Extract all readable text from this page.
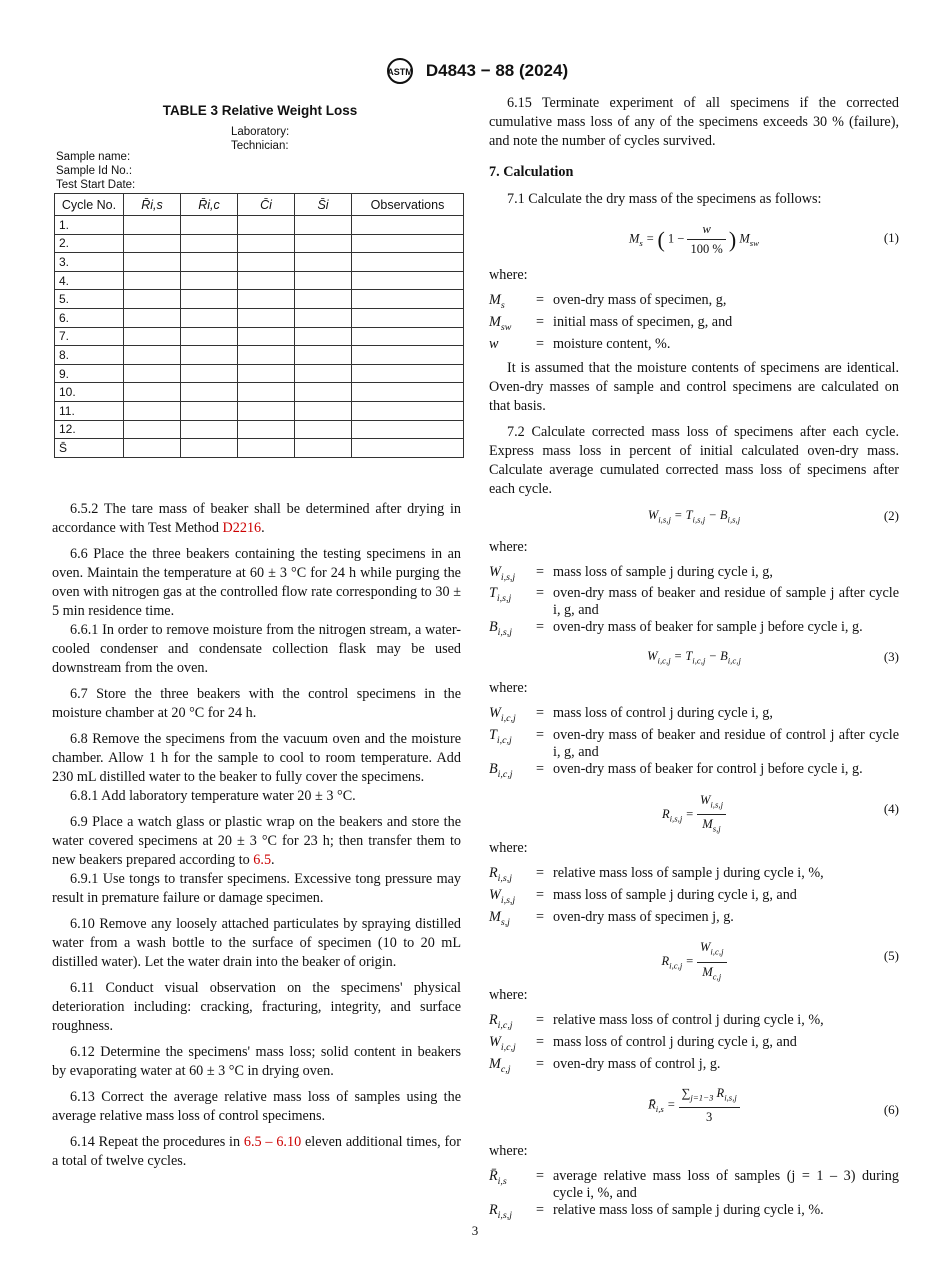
ASTM D4843 − 88 (2024)
TABLE 3 Relative Weight Loss
Laboratory:
Technician:
Sample name:
Sample Id No.:
Test Start Date:
Cycle No.	R̄i,s	R̄i,c	C̄i	S̄i	Observations
1.					
2.					
3.					
4.					
5.					
6.					
7.					
8.					
9.					
10.					
11.					
12.					
S̄					

6.5.2 The tare mass of beaker shall be determined after drying in accordance with Test Method D2216.

6.6 Place the three beakers containing the testing specimens in an oven. Maintain the temperature at 60 ± 3 °C for 24 h while purging the oven with nitrogen gas at the controlled flow rate corresponding to 30 ± 5 min residence time.

6.6.1 In order to remove moisture from the nitrogen stream, a water-cooled condenser and condensate collection flask may be used downstream from the oven.

6.7 Store the three beakers with the control specimens in the moisture chamber at 20 °C for 24 h.

6.8 Remove the specimens from the vacuum oven and the moisture chamber. Allow 1 h for the sample to cool to room temperature. Add 230 mL distilled water to the beaker to fully cover the specimens.

6.8.1 Add laboratory temperature water 20 ± 3 °C.

6.9 Place a watch glass or plastic wrap on the beakers and store the water covered specimens at 20 ± 3 °C for 23 h; then transfer them to new beakers prepared according to 6.5.

6.9.1 Use tongs to transfer specimens. Excessive tong pressure may result in premature failure or damage specimen.

6.10 Remove any loosely attached particulates by spraying distilled water from a wash bottle to the surface of specimen (10 to 20 mL distilled water). Let the water drain into the beaker of origin.

6.11 Conduct visual observation on the specimens' physical deterioration including: cracking, fracturing, integrity, and surface roughness.

6.12 Determine the specimens' mass loss; solid content in beakers by evaporating water at 60 ± 3 °C in drying oven.

6.13 Correct the average relative mass loss of samples using the average relative mass loss of control specimens.

6.14 Repeat the procedures in 6.5 – 6.10 eleven additional times, for a total of twelve cycles.

6.15 Terminate experiment of all specimens if the corrected cumulative mass loss of any of the specimens exceeds 30 % (failure), and note the number of cycles survived.

7. Calculation

7.1 Calculate the dry mass of the specimens as follows:

$M_s$ = ( $1 - \frac{w}{100 \%}$ ) $M_{sw}$	(1)

where:

$M_s$	=	oven-dry mass of specimen, g,
$M_{sw}$	=	initial mass of specimen, g, and
w	=	moisture content, %.

It is assumed that the moisture contents of specimens are identical. Oven-dry masses of sample and control specimens are calculated on that basis.

7.2 Calculate corrected mass loss of specimens after each cycle. Express mass loss in percent of initial calculated oven-dry mass. Calculate average cumulated corrected mass loss of specimens after each cycle.

$W_{i,s,j} = T_{i,s,j} - B_{i,s,j}$	(2)

where:

$W_{i,s,j}$	=	mass loss of sample j during cycle i, g,
$T_{i,s,j}$	=	oven-dry mass of beaker and residue of sample j after cycle i, g, and
$B_{i,s,j}$	=	oven-dry mass of beaker for sample j before cycle i, g.
$W_{i,c,j} = T_{i,c,j} - B_{i,c,j}$	(3)

where:

$W_{i,c,j}$	=	mass loss of control j during cycle i, g,
$T_{i,c,j}$	=	oven-dry mass of beaker and residue of control j after cycle i, g, and
$B_{i,c,j}$	=	oven-dry mass of beaker for control j before cycle i, g.
$R_{i,s,j} = \frac{W_{i,s,j}}{M_{s,j}}$	(4)

where:

$R_{i,s,j}$	=	relative mass loss of sample j during cycle i, %,
$W_{i,s,j}$	=	mass loss of sample j during cycle i, g, and
$M_{s,j}$	=	oven-dry mass of specimen j, g.
$R_{i,c,j} = \frac{W_{i,c,j}}{M_{c,j}}$	(5)

where:

$R_{i,c,j}$	=	relative mass loss of control j during cycle i, %,
$W_{i,c,j}$	=	mass loss of control j during cycle i, g, and
$M_{c,j}$	=	oven-dry mass of control j, g.
$R̄_{i,s} = \frac{\sum_{j=1-3} R_{i,s,j}}{3}$	(6)

where:

$R̄_{i,s}$	=	average relative mass loss of samples (j = 1 – 3) during cycle i, %, and
$R_{i,s,j}$	=	relative mass loss of sample j during cycle i, %.
3
